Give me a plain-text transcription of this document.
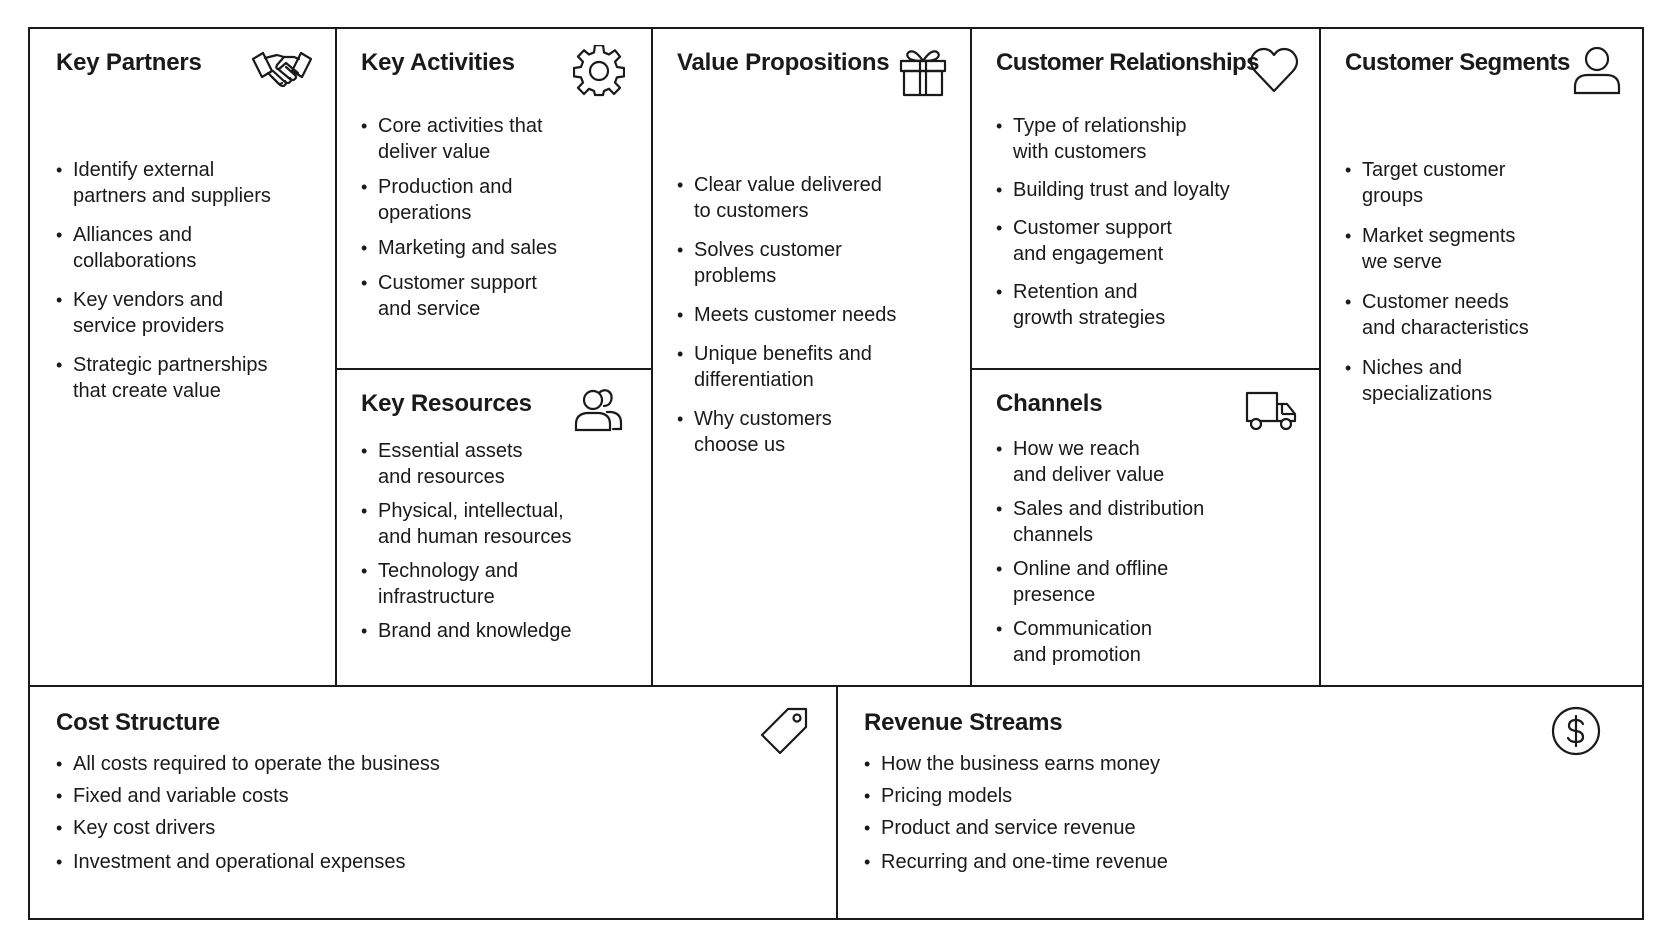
Key Partners
• Identify external
partners and suppliers
• Alliances and
collaborations
• Key vendors and
service providers
• Strategic partnerships
that create value
Key Activities
• Core activities that
deliver value
• Production and
operations
• Marketing and sales
• Customer support
and service
Key Resources
• Essential assets
and resources
• Physical, intellectual,
and human resources
• Technology and
infrastructure
• Brand and knowledge
Value Propositions
• Clear value delivered
to customers
• Solves customer
problems
• Meets customer needs
• Unique benefits and
differentiation
• Why customers
choose us
Customer Relationships
• Type of relationship
with customers
• Building trust and loyalty
• Customer support
and engagement
• Retention and
growth strategies
Channels
• How we reach
and deliver value
• Sales and distribution
channels
• Online and offline
presence
• Communication
and promotion
Customer Segments
• Target customer
groups
• Market segments
we serve
• Customer needs
and characteristics
• Niches and
specializations
Cost Structure
• All costs required to operate the business
• Fixed and variable costs
• Key cost drivers
• Investment and operational expenses
Revenue Streams
• How the business earns money
• Pricing models
• Product and service revenue
• Recurring and one-time revenue
